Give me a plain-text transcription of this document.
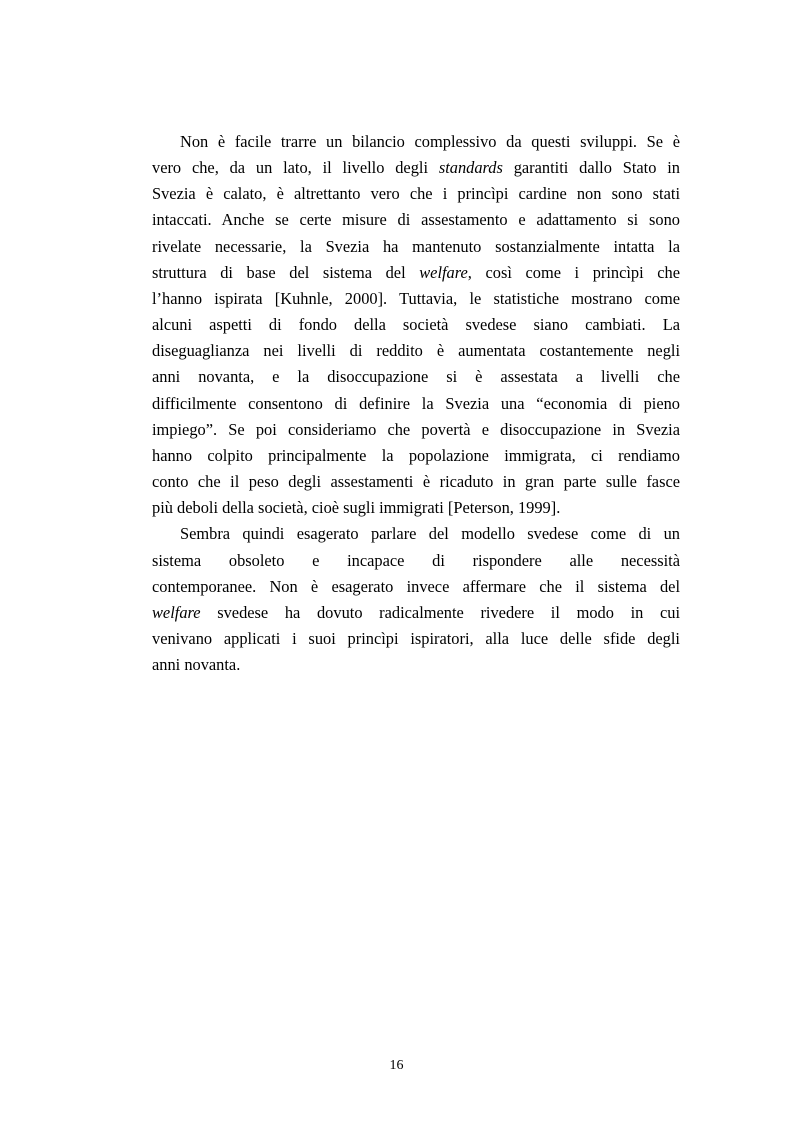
Non è facile trarre un bilancio complessivo da questi sviluppi. Se è
vero che, da un lato, il livello degli standards garantiti dallo Stato in
Svezia è calato, è altrettanto vero che i princìpi cardine non sono stati
intaccati. Anche se certe misure di assestamento e adattamento si sono
rivelate necessarie, la Svezia ha mantenuto sostanzialmente intatta la
struttura di base del sistema del welfare, così come i princìpi che
l’hanno ispirata [Kuhnle, 2000]. Tuttavia, le statistiche mostrano come
alcuni aspetti di fondo della società svedese siano cambiati. La
diseguaglianza nei livelli di reddito è aumentata costantemente negli
anni novanta, e la disoccupazione si è assestata a livelli che
difficilmente consentono di definire la Svezia una “economia di pieno
impiego”. Se poi consideriamo che povertà e disoccupazione in Svezia
hanno colpito principalmente la popolazione immigrata, ci rendiamo
conto che il peso degli assestamenti è ricaduto in gran parte sulle fasce
più deboli della società, cioè sugli immigrati [Peterson, 1999].

Sembra quindi esagerato parlare del modello svedese come di un
sistema obsoleto e incapace di rispondere alle necessità
contemporanee. Non è esagerato invece affermare che il sistema del
welfare svedese ha dovuto radicalmente rivedere il modo in cui
venivano applicati i suoi princìpi ispiratori, alla luce delle sfide degli
anni novanta.

16
